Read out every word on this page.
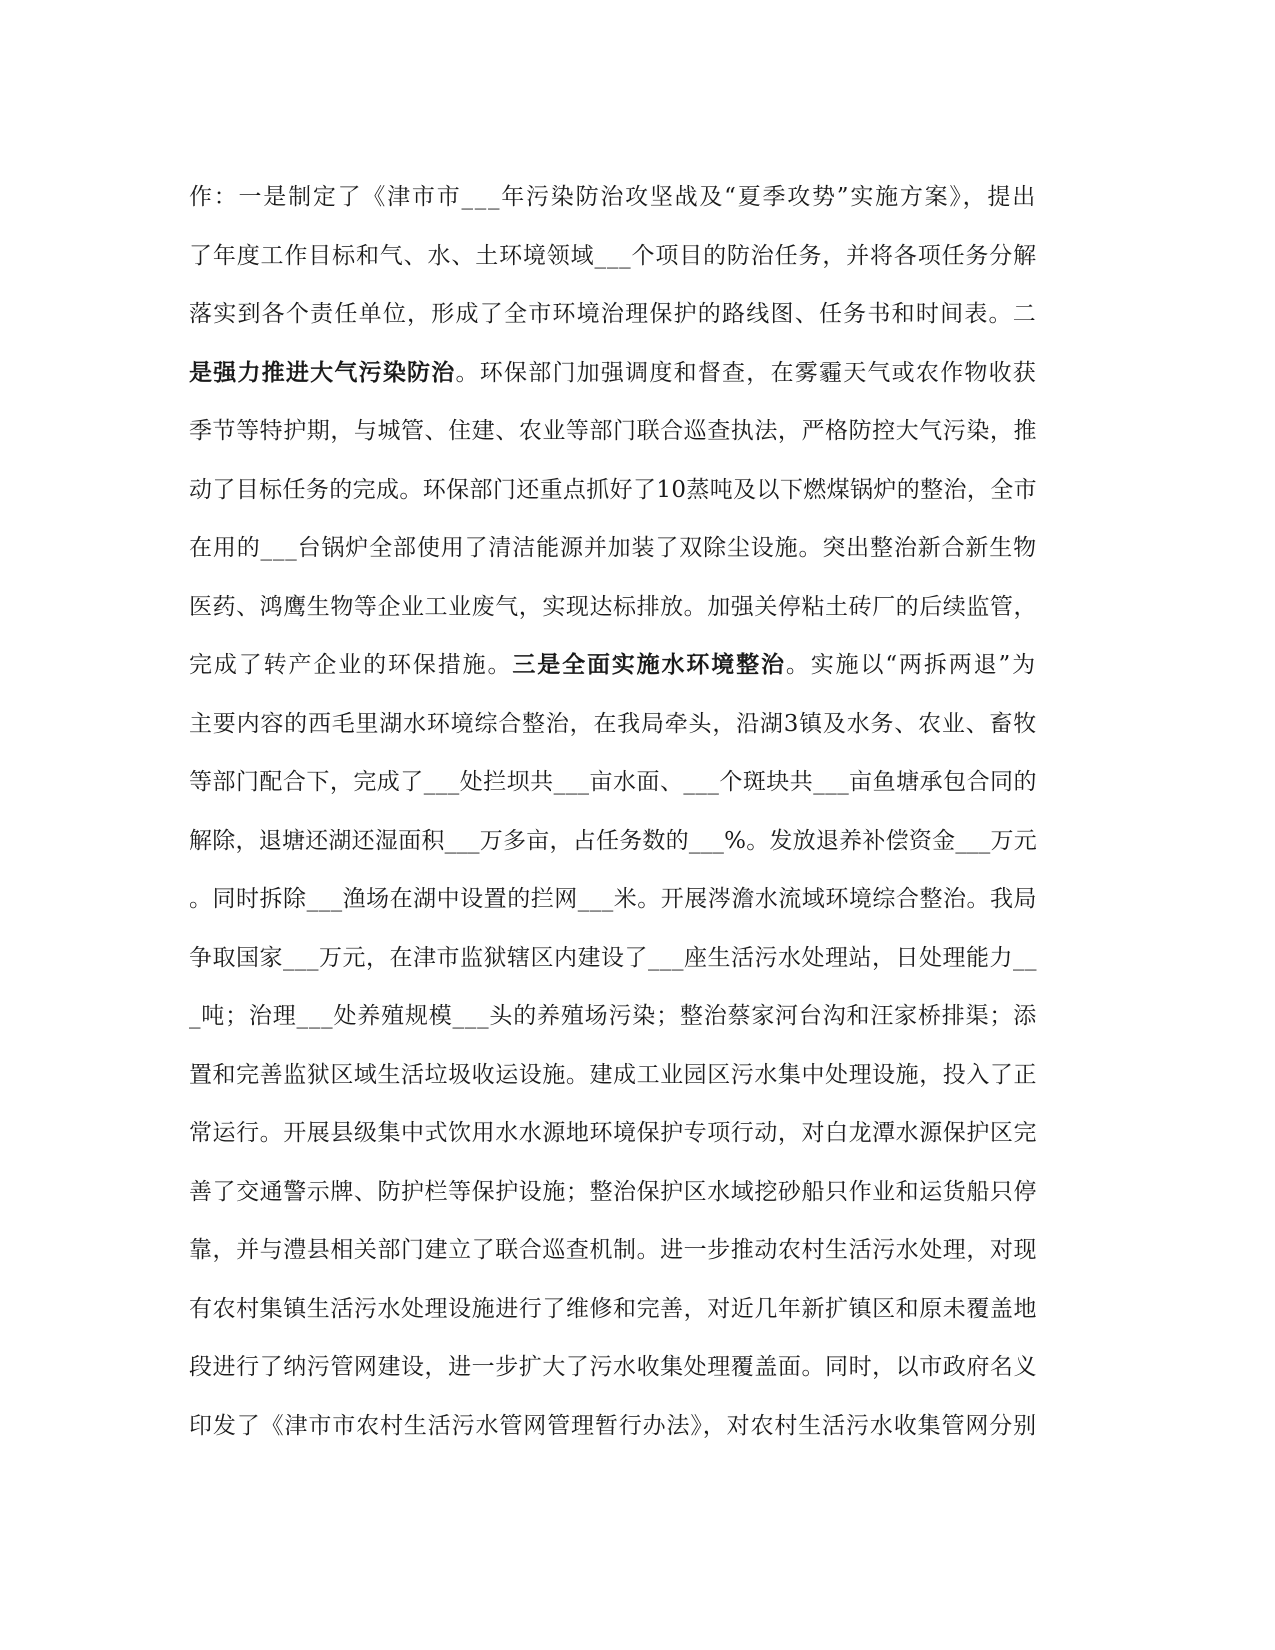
作：一是制定了《津市市___年污染防治攻坚战及“夏季攻势”实施方案》，提出
了年度工作目标和气、水、土环境领域___个项目的防治任务，并将各项任务分解
落实到各个责任单位，形成了全市环境治理保护的路线图、任务书和时间表。二
是强力推进大气污染防治。环保部门加强调度和督查，在雾霾天气或农作物收获
季节等特护期，与城管、住建、农业等部门联合巡查执法，严格防控大气污染，推
动了目标任务的完成。环保部门还重点抓好了10蒸吨及以下燃煤锅炉的整治，全市
在用的___台锅炉全部使用了清洁能源并加装了双除尘设施。突出整治新合新生物
医药、鸿鹰生物等企业工业废气，实现达标排放。加强关停粘土砖厂的后续监管，
完成了转产企业的环保措施。三是全面实施水环境整治。实施以“两拆两退”为
主要内容的西毛里湖水环境综合整治，在我局牵头，沿湖3镇及水务、农业、畜牧
等部门配合下，完成了___处拦坝共___亩水面、___个斑块共___亩鱼塘承包合同的
解除，退塘还湖还湿面积___万多亩，占任务数的___%。发放退养补偿资金___万元
。同时拆除___渔场在湖中设置的拦网___米。开展涔澹水流域环境综合整治。我局
争取国家___万元，在津市监狱辖区内建设了___座生活污水处理站，日处理能力__
_吨；治理___处养殖规模___头的养殖场污染；整治蔡家河台沟和汪家桥排渠；添
置和完善监狱区域生活垃圾收运设施。建成工业园区污水集中处理设施，投入了正
常运行。开展县级集中式饮用水水源地环境保护专项行动，对白龙潭水源保护区完
善了交通警示牌、防护栏等保护设施；整治保护区水域挖砂船只作业和运货船只停
靠，并与澧县相关部门建立了联合巡查机制。进一步推动农村生活污水处理，对现
有农村集镇生活污水处理设施进行了维修和完善，对近几年新扩镇区和原未覆盖地
段进行了纳污管网建设，进一步扩大了污水收集处理覆盖面。同时，以市政府名义
印发了《津市市农村生活污水管网管理暂行办法》，对农村生活污水收集管网分别
